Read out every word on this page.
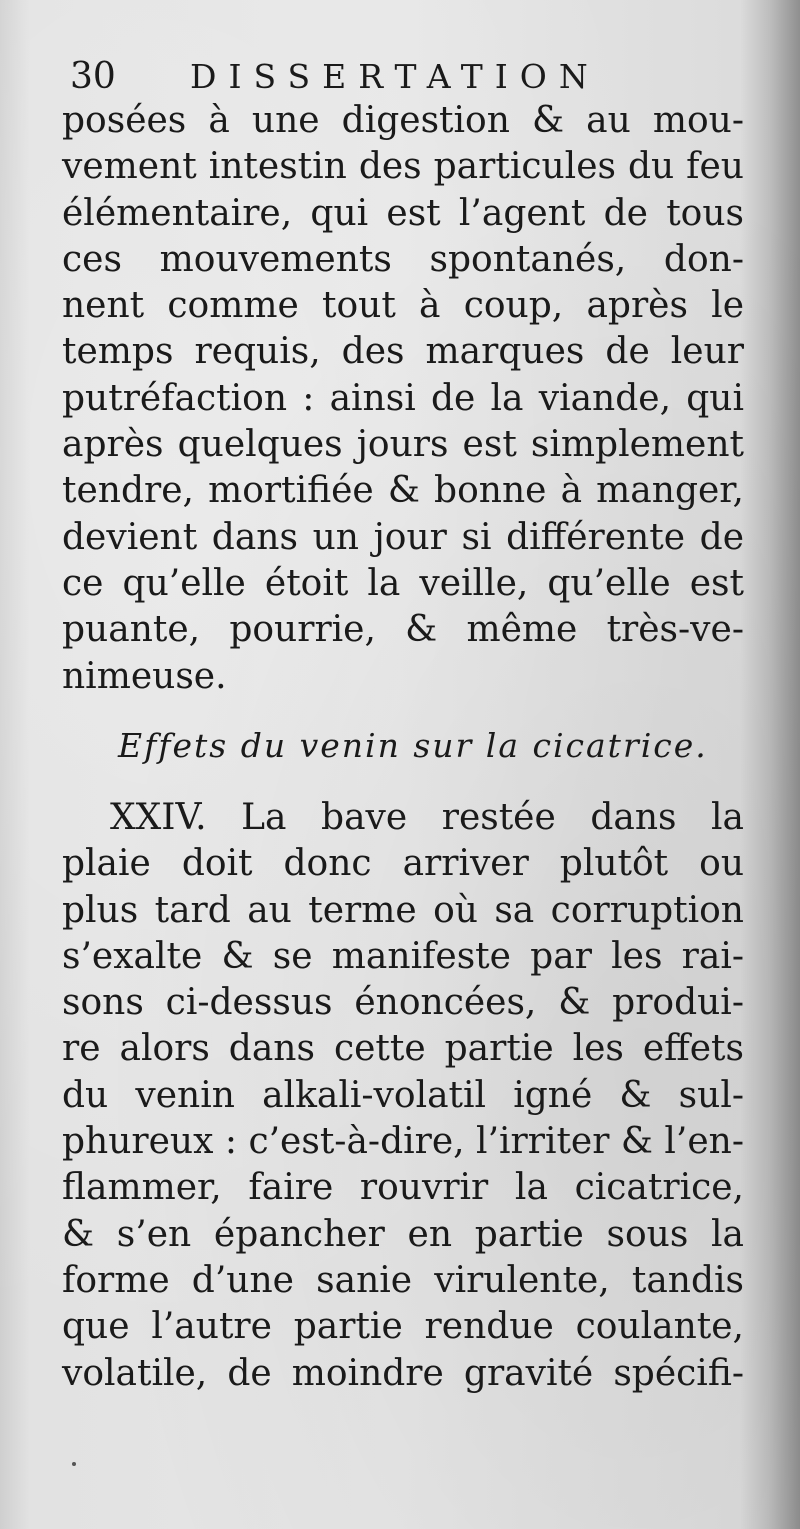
30 DISSERTATION
posées à une digestion & au mou-
vement intestin des particules du feu
élémentaire, qui est l’agent de tous
ces mouvements spontanés, don-
nent comme tout à coup, après le
temps requis, des marques de leur
putréfaction : ainsi de la viande, qui
après quelques jours est simplement
tendre, mortifiée & bonne à manger,
devient dans un jour si différente de
ce qu’elle étoit la veille, qu’elle est
puante, pourrie, & même très-ve-
nimeuse.
Effets du venin sur la cicatrice.
XXIV. La bave restée dans la
plaie doit donc arriver plutôt ou
plus tard au terme où sa corruption
s’exalte & se manifeste par les rai-
sons ci-dessus énoncées, & produi-
re alors dans cette partie les effets
du venin alkali-volatil igné & sul-
phureux : c’est-à-dire, l’irriter & l’en-
flammer, faire rouvrir la cicatrice,
& s’en épancher en partie sous la
forme d’une sanie virulente, tandis
que l’autre partie rendue coulante,
volatile, de moindre gravité spécifi-
